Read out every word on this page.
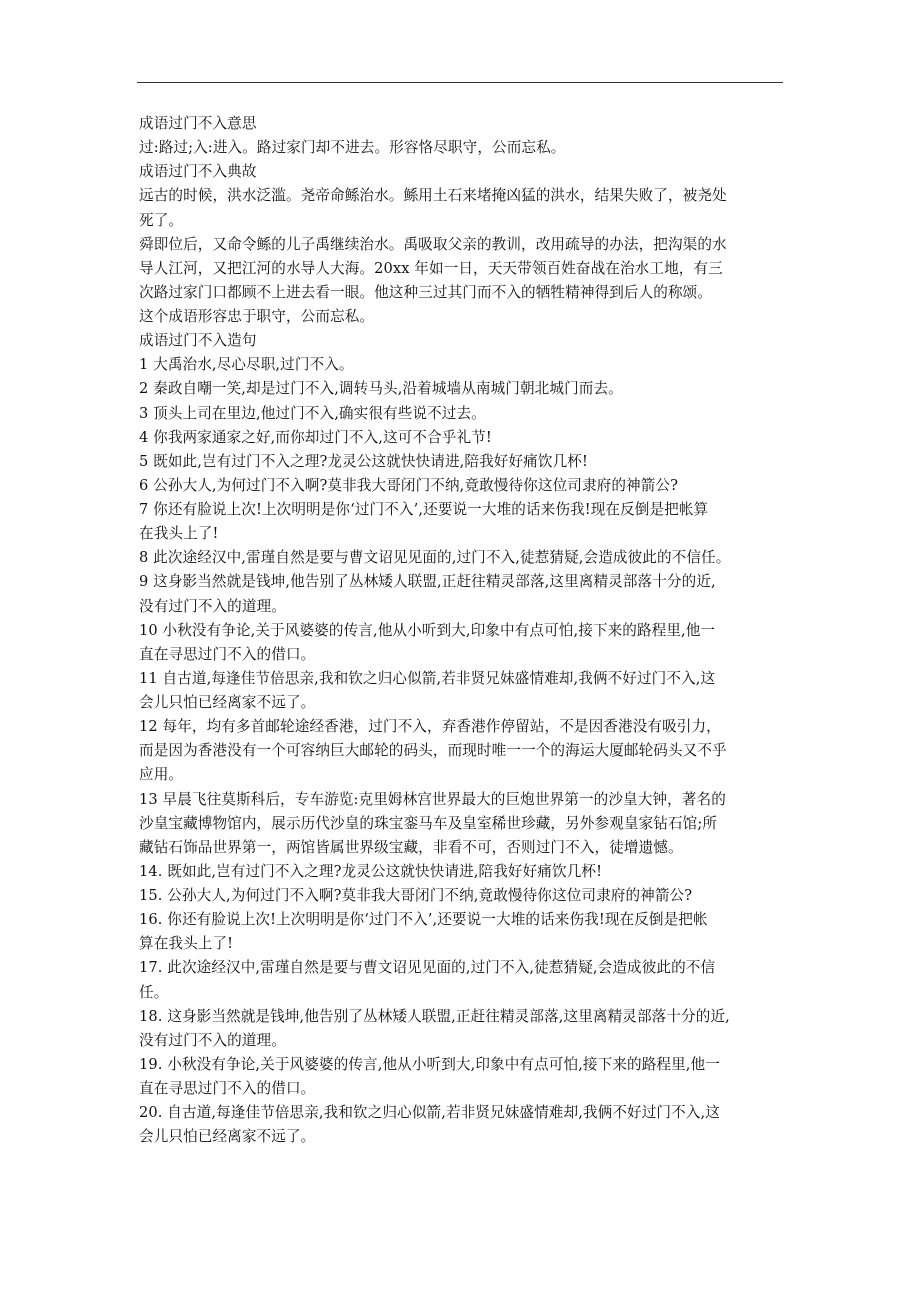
成语过门不入意思
过:路过;入:进入。路过家门却不进去。形容恪尽职守，公而忘私。
成语过门不入典故
远古的时候，洪水泛滥。尧帝命鲧治水。鲧用土石来堵掩凶猛的洪水，结果失败了，被尧处
死了。
舜即位后，又命令鲧的儿子禹继续治水。禹吸取父亲的教训，改用疏导的办法，把沟渠的水
导人江河，又把江河的水导人大海。20xx 年如一日，天天带领百姓奋战在治水工地，有三
次路过家门口都顾不上进去看一眼。他这种三过其门而不入的牺牲精神得到后人的称颂。
这个成语形容忠于职守，公而忘私。
成语过门不入造句
1 大禹治水,尽心尽职,过门不入。
2 秦政自嘲一笑,却是过门不入,调转马头,沿着城墙从南城门朝北城门而去。
3 顶头上司在里边,他过门不入,确实很有些说不过去。
4 你我两家通家之好,而你却过门不入,这可不合乎礼节!
5 既如此,岂有过门不入之理?龙灵公这就快快请进,陪我好好痛饮几杯!
6 公孙大人,为何过门不入啊?莫非我大哥闭门不纳,竟敢慢待你这位司隶府的神箭公?
7 你还有脸说上次!上次明明是你‘过门不入’,还要说一大堆的话来伤我!现在反倒是把帐算
在我头上了!
8 此次途经汉中,雷瑾自然是要与曹文诏见见面的,过门不入,徒惹猜疑,会造成彼此的不信任。
9 这身影当然就是钱坤,他告别了丛林矮人联盟,正赶往精灵部落,这里离精灵部落十分的近,
没有过门不入的道理。
10 小秋没有争论,关于风婆婆的传言,他从小听到大,印象中有点可怕,接下来的路程里,他一
直在寻思过门不入的借口。
11 自古道,每逢佳节倍思亲,我和钦之归心似箭,若非贤兄妹盛情难却,我俩不好过门不入,这
会儿只怕已经离家不远了。
12 每年，均有多首邮轮途经香港，过门不入，弃香港作停留站，不是因香港没有吸引力，
而是因为香港没有一个可容纳巨大邮轮的码头，而现时唯一一个的海运大厦邮轮码头又不乎
应用。
13 早晨飞往莫斯科后，专车游览:克里姆林宫世界最大的巨炮世界第一的沙皇大钟，著名的
沙皇宝藏博物馆内，展示历代沙皇的珠宝銮马车及皇室稀世珍藏，另外参观皇家钻石馆;所
藏钻石饰品世界第一，两馆皆属世界级宝藏，非看不可，否则过门不入，徒增遗憾。
14. 既如此,岂有过门不入之理?龙灵公这就快快请进,陪我好好痛饮几杯!
15. 公孙大人,为何过门不入啊?莫非我大哥闭门不纳,竟敢慢待你这位司隶府的神箭公?
16. 你还有脸说上次!上次明明是你‘过门不入’,还要说一大堆的话来伤我!现在反倒是把帐
算在我头上了!
17. 此次途经汉中,雷瑾自然是要与曹文诏见见面的,过门不入,徒惹猜疑,会造成彼此的不信
任。
18. 这身影当然就是钱坤,他告别了丛林矮人联盟,正赶往精灵部落,这里离精灵部落十分的近,
没有过门不入的道理。
19. 小秋没有争论,关于风婆婆的传言,他从小听到大,印象中有点可怕,接下来的路程里,他一
直在寻思过门不入的借口。
20. 自古道,每逢佳节倍思亲,我和钦之归心似箭,若非贤兄妹盛情难却,我俩不好过门不入,这
会儿只怕已经离家不远了。
